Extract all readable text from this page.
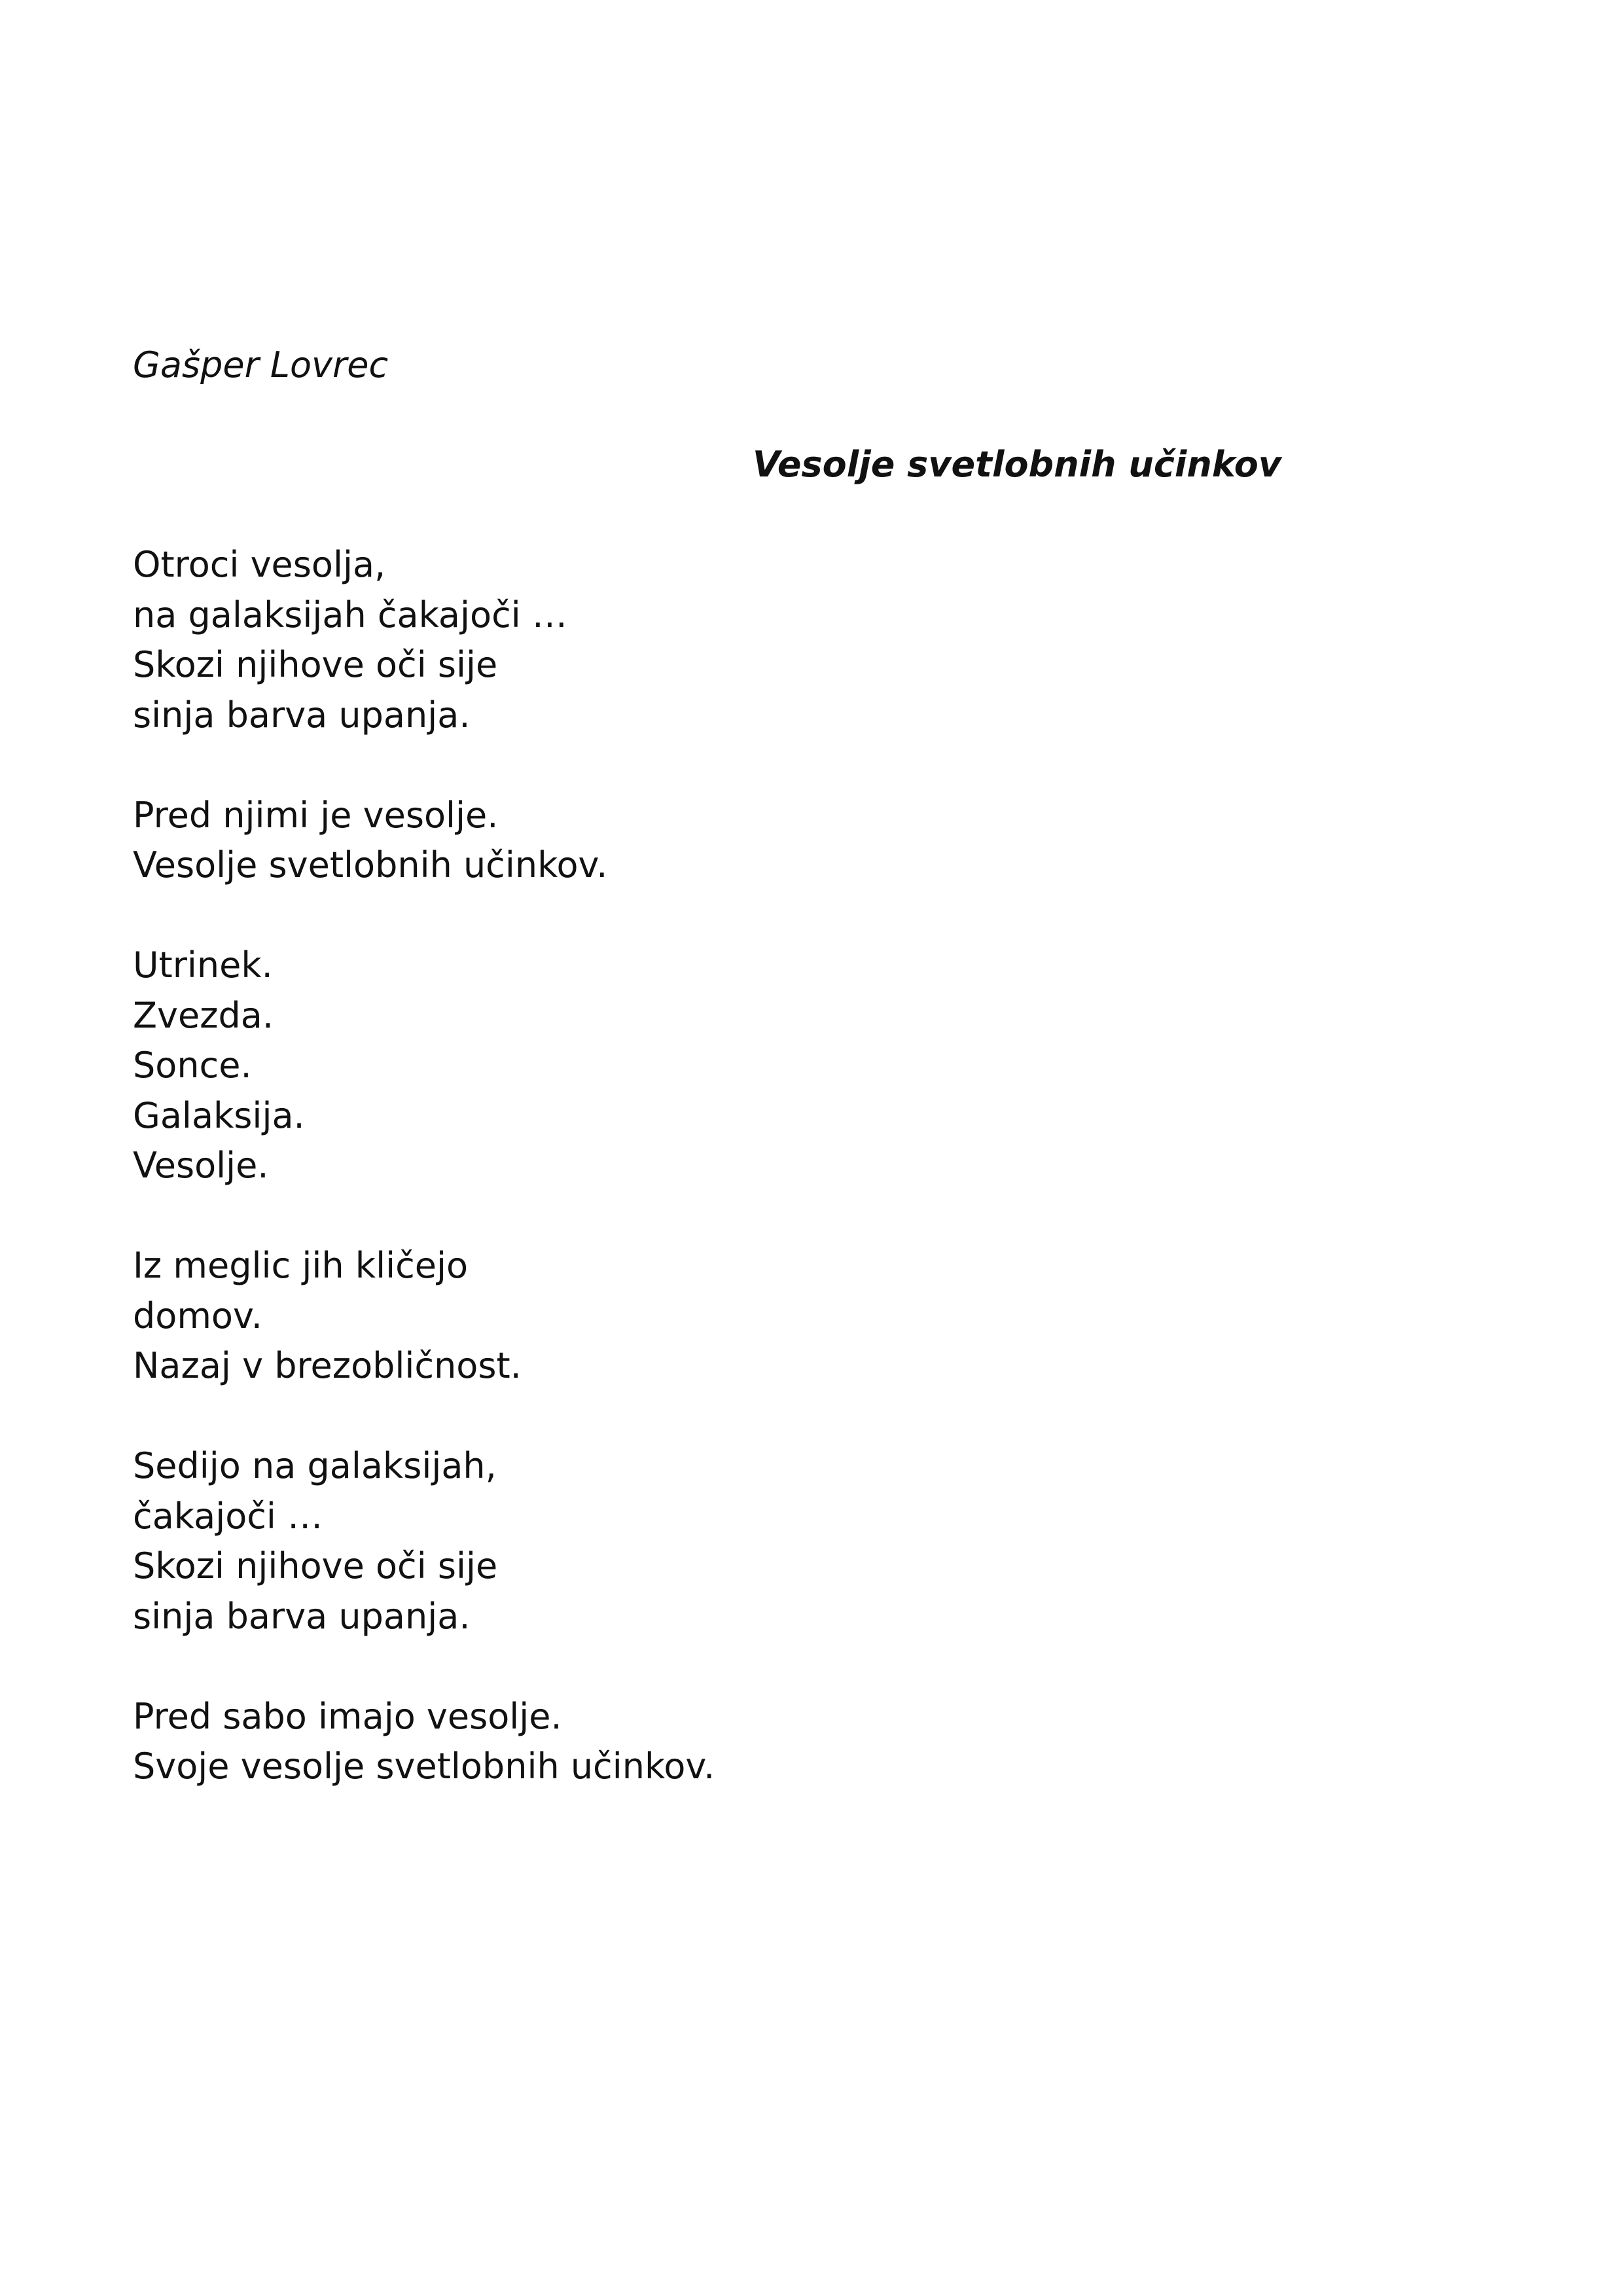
Gašper Lovrec
Vesolje svetlobnih učinkov
Otroci vesolja,
na galaksijah čakajoči …
Skozi njihove oči sije
sinja barva upanja.
Pred njimi je vesolje.
Vesolje svetlobnih učinkov.
Utrinek.
Zvezda.
Sonce.
Galaksija.
Vesolje.
Iz meglic jih kličejo
domov.
Nazaj v brezobličnost.
Sedijo na galaksijah,
čakajoči …
Skozi njihove oči sije
sinja barva upanja.
Pred sabo imajo vesolje.
Svoje vesolje svetlobnih učinkov.
